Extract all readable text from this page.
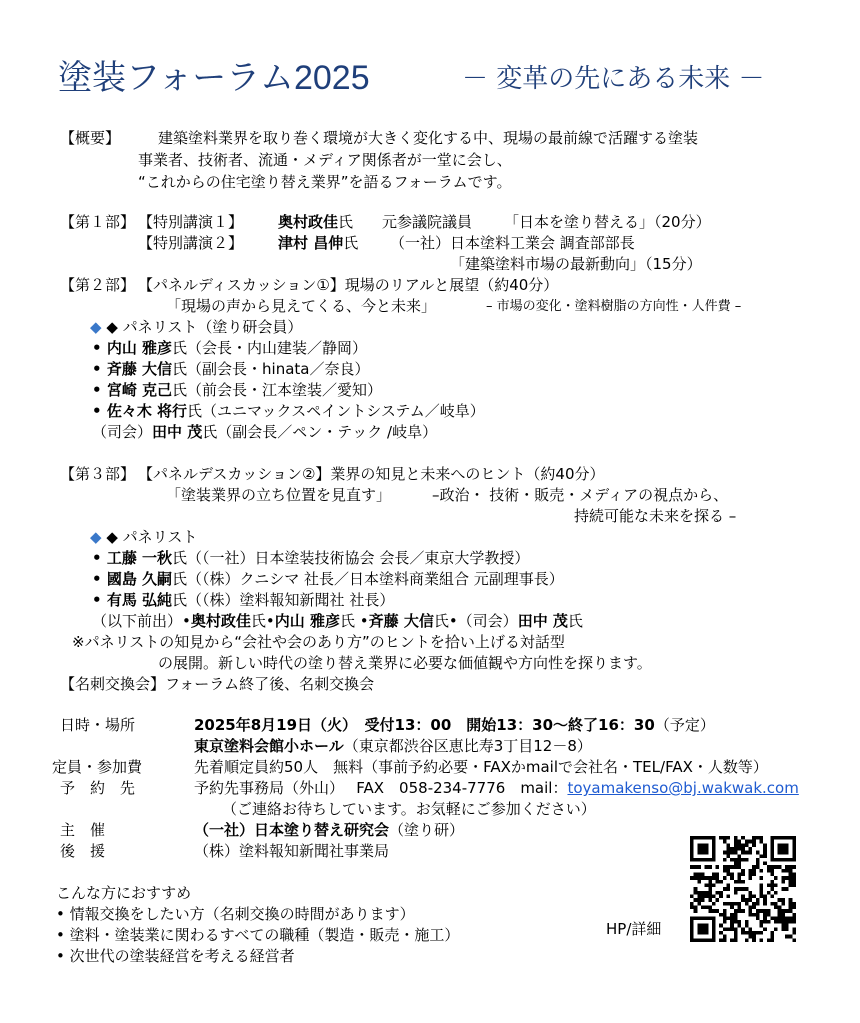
塗装フォーラム2025	－ 変革の先にある未来 －
【概要】	建築塗料業界を取り巻く環境が大きく変化する中、現場の最前線で活躍する塗装
事業者、技術者、流通・メディア関係者が一堂に会し、
“これからの住宅塗り替え業界”を語るフォーラムです。
【第１部】 【特別講演１】 奥村政佳氏 元参議院議員 「日本を塗り替える」（20分）
【特別講演２】 津村 昌伸氏 （一社）日本塗料工業会 調査部部長
「建築塗料市場の最新動向」（15分）
【第２部】 【パネルディスカッション①】現場のリアルと展望（約40分）
「現場の声から見えてくる、今と未来」	– 市場の変化・塗料樹脂の方向性・人件費 –
◆ ◆ パネリスト（塗り研会員）
• 内山 雅彦氏（会長・内山建装／静岡）
• 斉藤 大信氏（副会長・hinata／奈良）
• 宮崎 克己氏（前会長・江本塗装／愛知）
• 佐々木 将行氏（ユニマックスペイントシステム／岐阜）
（司会）田中 茂氏（副会長／ペン・テック /岐阜）
【第３部】 【パネルデスカッション②】業界の知見と未来へのヒント（約40分）
「塗装業界の立ち位置を見直す」	–政治・ 技術・販売・メディアの視点から、
持続可能な未来を探る –
◆ ◆ パネリスト
• 工藤 一秋氏（（一社）日本塗装技術協会 会長／東京大学教授）
• 國島 久嗣氏（（株）クニシマ 社長／日本塗料商業組合 元副理事長）
• 有馬 弘純氏（（株）塗料報知新聞社 社長）
（以下前出）•奥村政佳氏•内山 雅彦氏 •斉藤 大信氏•（司会）田中 茂氏
※パネリストの知見から“会社や会のあり方”のヒントを拾い上げる対話型
の展開。新しい時代の塗り替え業界に必要な価値観や方向性を探ります。
【名刺交換会】フォーラム終了後、名刺交換会
日時・場所	2025年8月19日（火）　受付13：00　開始13：30～終了16：30（予定）
東京塗料会館小ホール（東京都渋谷区恵比寿3丁目12－8）
定員・参加費	先着順定員約50人　無料（事前予約必要・FAXかmailで会社名・TEL/FAX・人数等）
予　約　先	予約先事務局（外山）　 FAX　058-234-7776　mail：toyamakenso@bj.wakwak.com
（ご連絡お待ちしています。お気軽にご参加ください）
主　催	（一社）日本塗り替え研究会（塗り研）
後　援	（株）塗料報知新聞社事業局
こんな方におすすめ
• 情報交換をしたい方（名刺交換の時間があります）
• 塗料・塗装業に関わるすべての職種（製造・販売・施工）
• 次世代の塗装経営を考える経営者
HP/詳細
